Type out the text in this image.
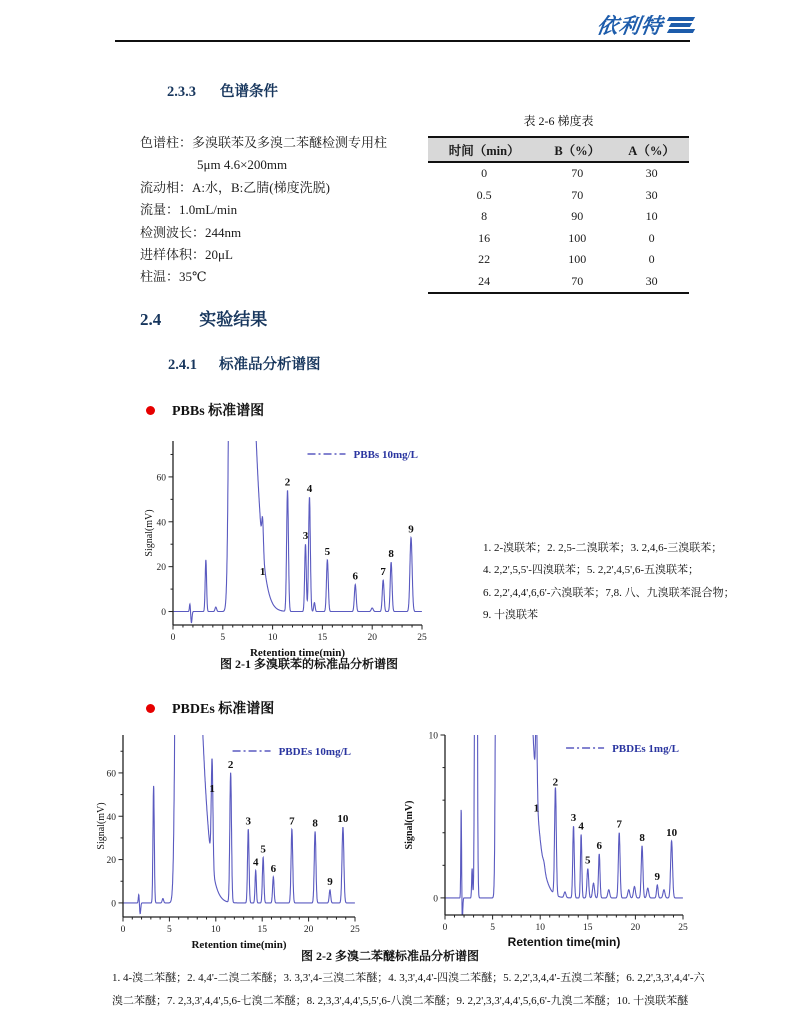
依利特
2.3.3 色谱条件
色谱柱：多溴联苯及多溴二苯醚检测专用柱
5μm 4.6×200mm
流动相：A:水，B:乙腈(梯度洗脱)
流量：1.0mL/min
检测波长：244nm
进样体积：20μL
柱温：35℃
表 2-6 梯度表
时间（min）	B（%）	A（%）
0	70	30
0.5	70	30
8	90	10
16	100	0
22	100	0
24	70	30
2.4 实验结果
2.4.1 标准品分析谱图
PBBs 标准谱图
0	5	10	15	20	25
0
20
40
60
1
2
3
4
5
6 7
8
9
Retention time(min)
Signal(mV)
PBBs 10mg/L
1. 2-溴联苯；2. 2,5-二溴联苯；3. 2,4,6-三溴联苯；
4. 2,2',5,5'-四溴联苯；5. 2,2',4,5',6-五溴联苯；
6. 2,2',4,4',6,6'-六溴联苯；7,8. 八、九溴联苯混合物；
9. 十溴联苯
图 2-1 多溴联苯的标准品分析谱图
PBDEs 标准谱图
0	5	10	15	20	25
0
20
40
60
1
2
3
4
5
6
7 8
9
10
Retention time(min)
Signal(mV)
PBDEs 10mg/L
0	5	10	15	20	25
0
10
1
2
3
4
5
6
7
8
9
10
Retention time(min)
Signal(mV)
PBDEs 1mg/L
图 2-2 多溴二苯醚标准品分析谱图
1. 4-溴二苯醚；2. 4,4'-二溴二苯醚；3. 3,3',4-三溴二苯醚；4. 3,3',4,4'-四溴二苯醚；5. 2,2',3,4,4'-五溴二苯醚；6. 2,2',3,3',4,4'-六
溴二苯醚；7. 2,3,3',4,4',5,6-七溴二苯醚；8. 2,3,3',4,4',5,5',6-八溴二苯醚；9. 2,2',3,3',4,4',5,6,6'-九溴二苯醚；10. 十溴联苯醚
